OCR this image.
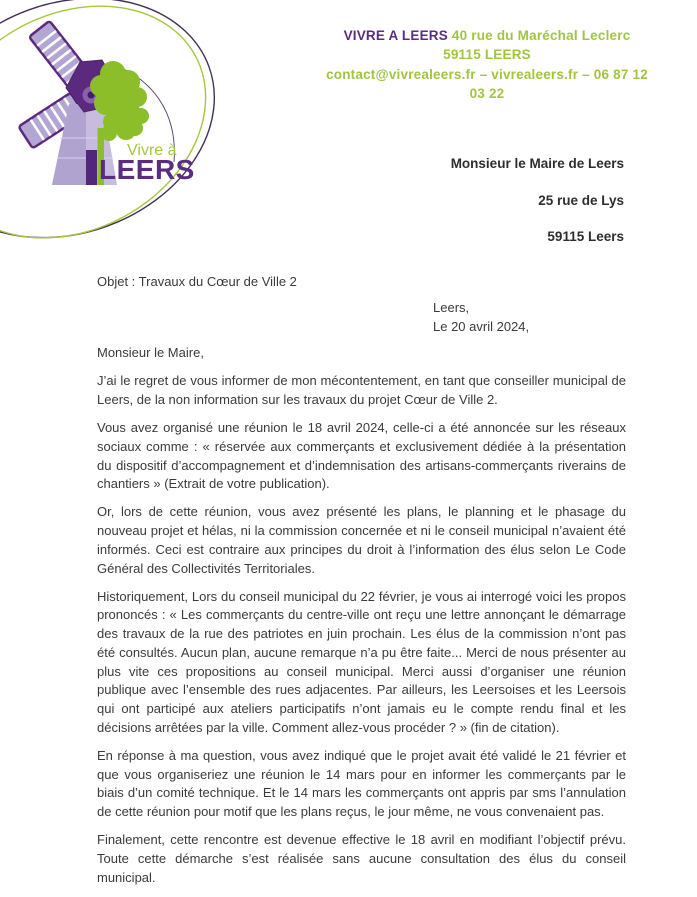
Vivre à
LEERS
VIVRE A LEERS 40 rue du Maréchal Leclerc
59115 LEERS
contact@vivrealeers.fr – vivrealeers.fr – 06 87 12
03 22
Monsieur le Maire de Leers
25 rue de Lys
59115 Leers
Objet : Travaux du Cœur de Ville 2
Leers,
Le 20 avril 2024,

Monsieur le Maire,

J’ai le regret de vous informer de mon mécontentement, en tant que conseiller municipal de Leers, de la non information sur les travaux du projet Cœur de Ville 2.

Vous avez organisé une réunion le 18 avril 2024, celle-ci a été annoncée sur les réseaux sociaux comme : « réservée aux commerçants et exclusivement dédiée à la présentation du dispositif d’accompagnement et d’indemnisation des artisans-commerçants riverains de chantiers » (Extrait de votre publication).

Or, lors de cette réunion, vous avez présenté les plans, le planning et le phasage du nouveau projet et hélas, ni la commission concernée et ni le conseil municipal n’avaient été informés. Ceci est contraire aux principes du droit à l’information des élus selon Le Code Général des Collectivités Territoriales.

Historiquement, Lors du conseil municipal du 22 février, je vous ai interrogé voici les propos prononcés : « Les commerçants du centre-ville ont reçu une lettre annonçant le démarrage des travaux de la rue des patriotes en juin prochain. Les élus de la commission n’ont pas été consultés. Aucun plan, aucune remarque n’a pu être faite... Merci de nous présenter au plus vite ces propositions au conseil municipal. Merci aussi d’organiser une réunion publique avec l’ensemble des rues adjacentes. Par ailleurs, les Leersoises et les Leersois qui ont participé aux ateliers participatifs n’ont jamais eu le compte rendu final et les décisions arrêtées par la ville. Comment allez-vous procéder ? » (fin de citation).

En réponse à ma question, vous avez indiqué que le projet avait été validé le 21 février et que vous organiseriez une réunion le 14 mars pour en informer les commerçants par le biais d’un comité technique. Et le 14 mars les commerçants ont appris par sms l’annulation de cette réunion pour motif que les plans reçus, le jour même, ne vous convenaient pas.

Finalement, cette rencontre est devenue effective le 18 avril en modifiant l’objectif prévu. Toute cette démarche s’est réalisée sans aucune consultation des élus du conseil municipal.
